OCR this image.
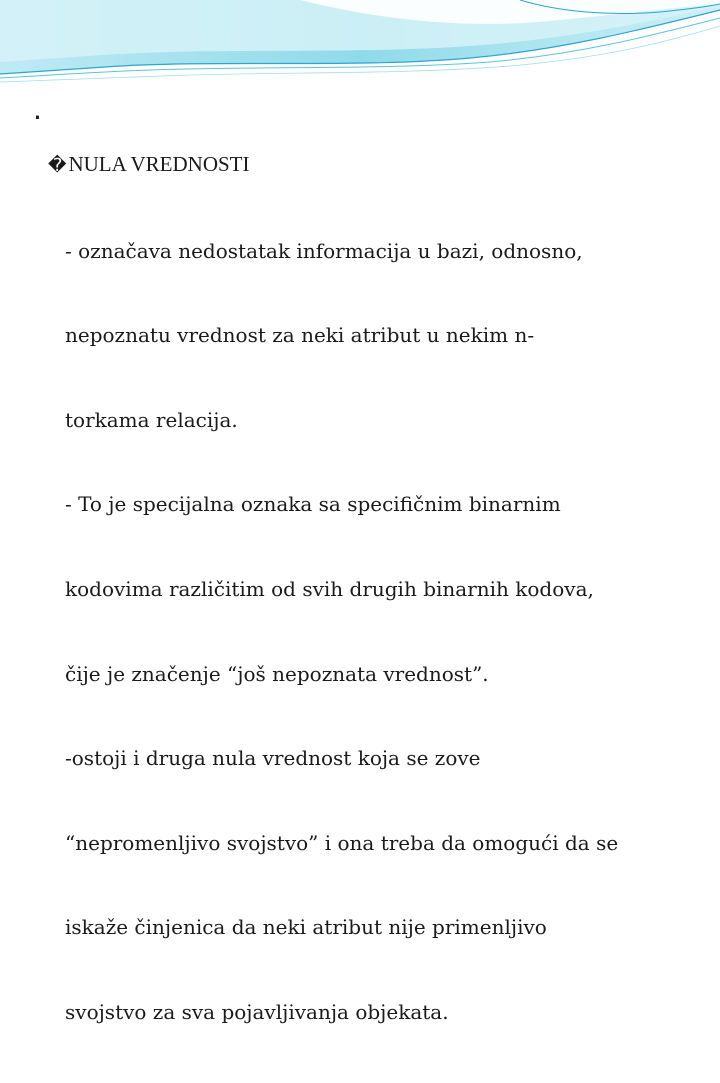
.
� NULA VREDNOSTI

- označava nedostatak informacija u bazi, odnosno,

nepoznatu vrednost za neki atribut u nekim n-

torkama relacija.

- To je specijalna oznaka sa specifičnim binarnim

kodovima različitim od svih drugih binarnih kodova,

čije je značenje “još nepoznata vrednost”.

-ostoji i druga nula vrednost koja se zove

“nepromenljivo svojstvo” i ona treba da omogući da se

iskaže činjenica da neki atribut nije primenljivo

svojstvo za sva pojavljivanja objekata.
